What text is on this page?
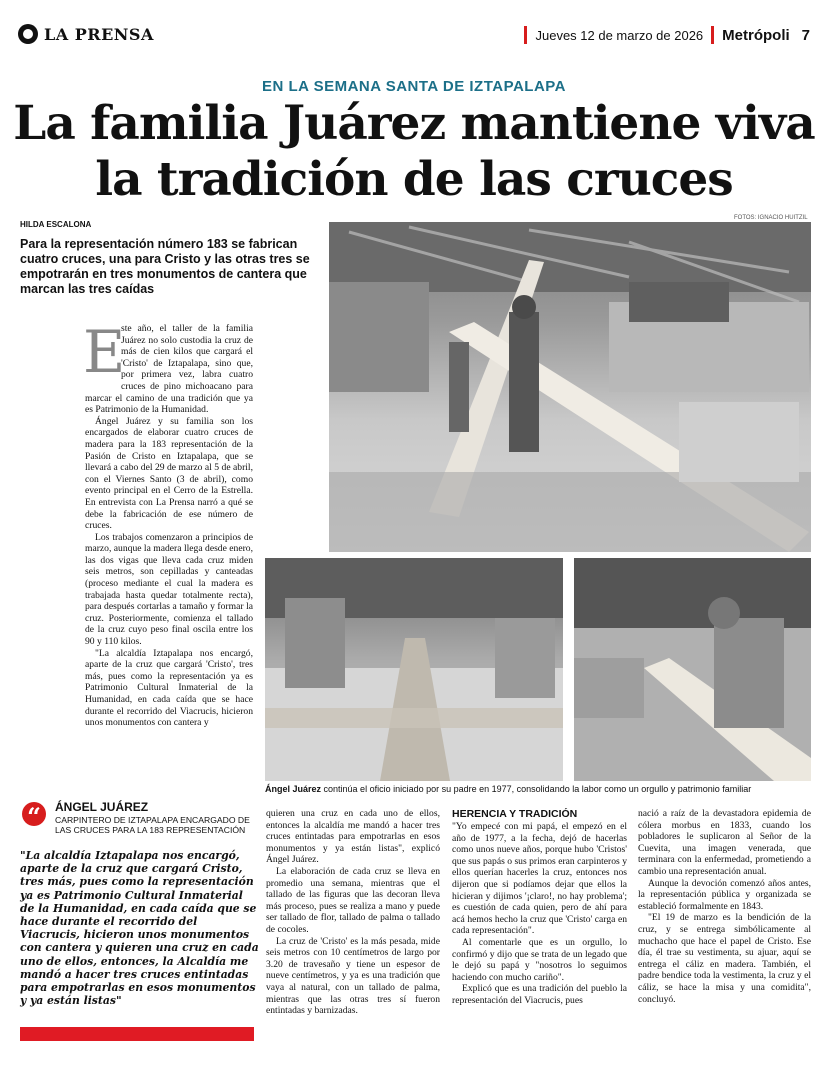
LA PRENSA	Jueves 12 de marzo de 2026 Metrópoli 7
EN LA SEMANA SANTA DE IZTAPALAPA
La familia Juárez mantiene viva la tradición de las cruces
HILDA ESCALONA
FOTOS: IGNACIO HUITZIL
Para la representación número 183 se fabrican cuatro cruces, una para Cristo y las otras tres se empotrarán en tres monumentos de cantera que marcan las tres caídas
E

ste año, el taller de la familia Juárez no solo custodia la cruz de más de cien kilos que cargará el 'Cristo' de Iztapalapa, sino que, por primera vez, labra cuatro cruces de pino michoacano para marcar el camino de una tradición que ya es Patrimonio de la Humanidad.

Ángel Juárez y su familia son los encargados de elaborar cuatro cruces de madera para la 183 representación de la Pasión de Cristo en Iztapalapa, que se llevará a cabo del 29 de marzo al 5 de abril, con el Viernes Santo (3 de abril), como evento principal en el Cerro de la Estrella. En entrevista con La Prensa narró a qué se debe la fabricación de ese número de cruces.

Los trabajos comenzaron a principios de marzo, aunque la madera llega desde enero, las dos vigas que lleva cada cruz miden seis metros, son cepilladas y canteadas (proceso mediante el cual la madera es trabajada hasta quedar totalmente recta), para después cortarlas a tamaño y formar la cruz. Posteriormente, comienza el tallado de la cruz cuyo peso final oscila entre los 90 y 110 kilos.

"La alcaldía Iztapalapa nos encargó, aparte de la cruz que cargará 'Cristo', tres más, pues como la representación ya es Patrimonio Cultural Inmaterial de la Humanidad, en cada caída que se hace durante el recorrido del Viacrucis, hicieron unos monumentos con cantera y

Ángel Juárez continúa el oficio iniciado por su padre en 1977, consolidando la labor como un orgullo y patrimonio familiar
“	ÁNGEL JUÁREZ
CARPINTERO DE IZTAPALAPA ENCARGADO DE LAS CRUCES PARA LA 183 REPRESENTACIÓN
"La alcaldía Iztapalapa nos encargó, aparte de la cruz que cargará Cristo, tres más, pues como la representación ya es Patrimonio Cultural Inmaterial de la Humanidad, en cada caída que se hace durante el recorrido del Viacrucis, hicieron unos monumentos con cantera y quieren una cruz en cada uno de ellos, entonces, la Alcaldía me mandó a hacer tres cruces entintadas para empotrarlas en esos monumentos y ya están listas"

quieren una cruz en cada uno de ellos, entonces la alcaldía me mandó a hacer tres cruces entintadas para empotrarlas en esos monumentos y ya están listas", explicó Ángel Juárez.

La elaboración de cada cruz se lleva en promedio una semana, mientras que el tallado de las figuras que las decoran lleva más proceso, pues se realiza a mano y puede ser tallado de flor, tallado de palma o tallado de cocoles.

La cruz de 'Cristo' es la más pesada, mide seis metros con 10 centímetros de largo por 3.20 de travesaño y tiene un espesor de nueve centímetros, y ya es una tradición que vaya al natural, con un tallado de palma, mientras que las otras tres sí fueron entintadas y barnizadas.

HERENCIA Y TRADICIÓN

"Yo empecé con mi papá, el empezó en el año de 1977, a la fecha, dejó de hacerlas como unos nueve años, porque hubo 'Cristos' que sus papás o sus primos eran carpinteros y ellos querían hacerles la cruz, entonces nos dijeron que si podíamos dejar que ellos la hicieran y dijimos '¡claro!, no hay problema'; es cuestión de cada quien, pero de ahí para acá hemos hecho la cruz que 'Cristo' carga en cada representación".

Al comentarle que es un orgullo, lo confirmó y dijo que se trata de un legado que le dejó su papá y "nosotros lo seguimos haciendo con mucho cariño".

Explicó que es una tradición del pueblo la representación del Viacrucis, pues

nació a raíz de la devastadora epidemia de cólera morbus en 1833, cuando los pobladores le suplicaron al Señor de la Cuevita, una imagen venerada, que terminara con la enfermedad, prometiendo a cambio una representación anual.

Aunque la devoción comenzó años antes, la representación pública y organizada se estableció formalmente en 1843.

"El 19 de marzo es la bendición de la cruz, y se entrega simbólicamente al muchacho que hace el papel de Cristo. Ese día, él trae su vestimenta, su ajuar, aquí se entrega el cáliz en madera. También, el padre bendice toda la vestimenta, la cruz y el cáliz, se hace la misa y una comidita", concluyó.
